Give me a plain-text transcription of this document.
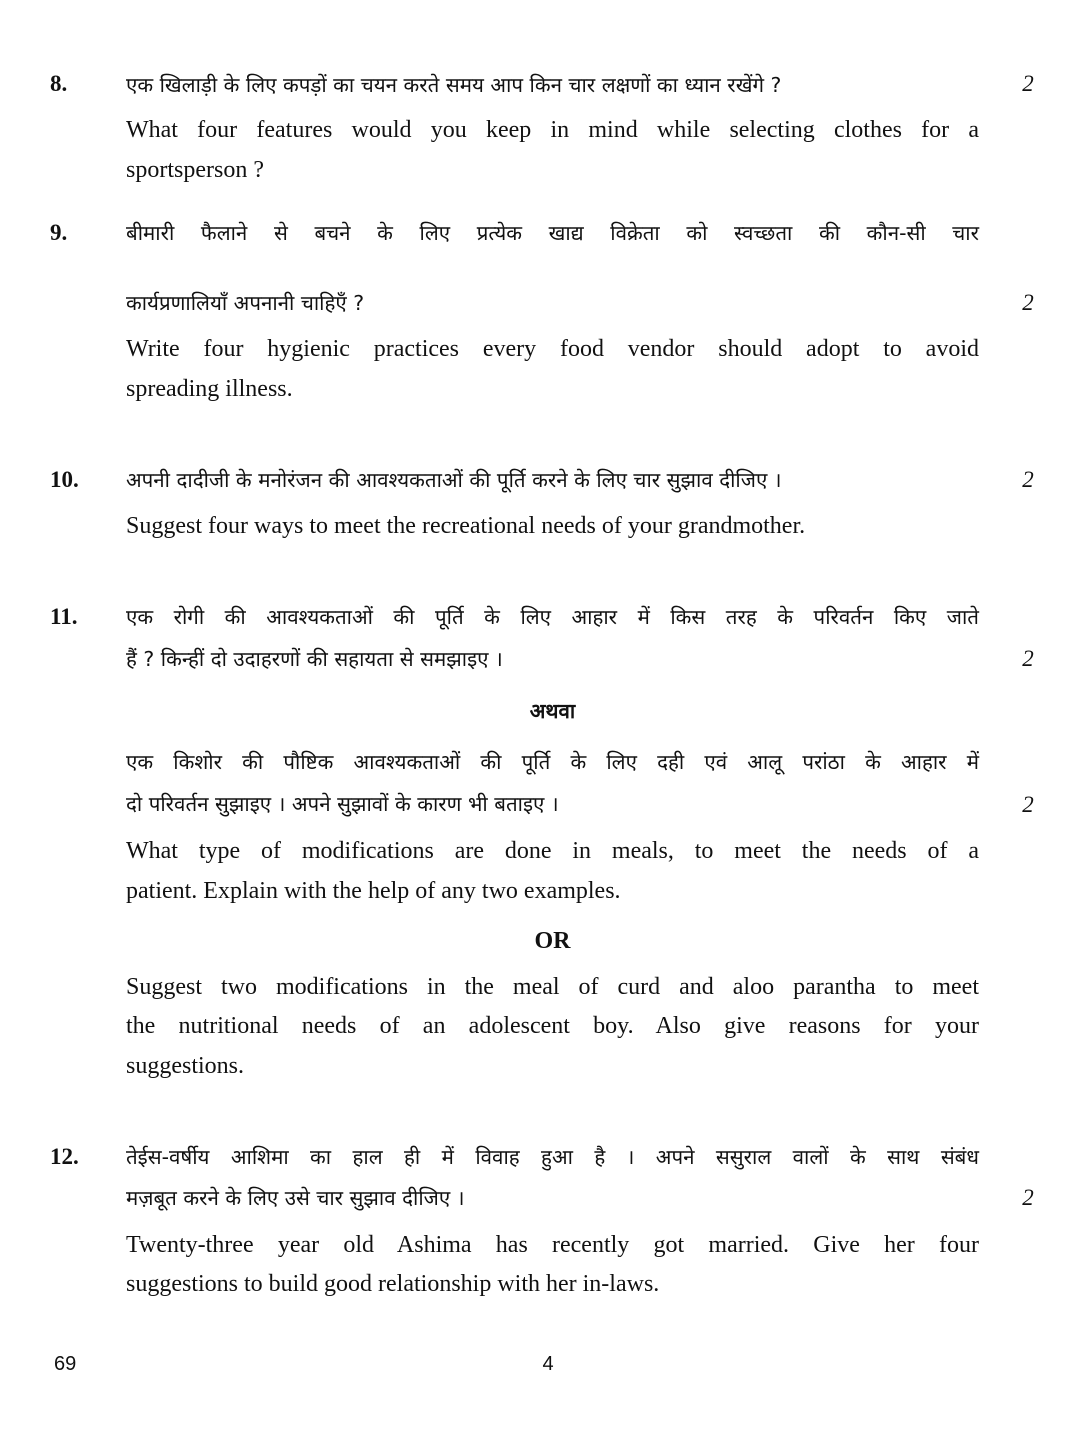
8.	एक खिलाड़ी के लिए कपड़ों का चयन करते समय आप किन चार लक्षणों का ध्यान रखेंगे ?	2
What four features would you keep in mind while selecting clothes for a
sportsperson ?
9.	बीमारी फैलाने से बचने के लिए प्रत्येक खाद्य विक्रेता को स्वच्छता की कौन-सी चार
कार्यप्रणालियाँ अपनानी चाहिएँ ?	2
Write four hygienic practices every food vendor should adopt to avoid
spreading illness.
10.	अपनी दादीजी के मनोरंजन की आवश्यकताओं की पूर्ति करने के लिए चार सुझाव दीजिए ।	2
Suggest four ways to meet the recreational needs of your grandmother.
11.	एक रोगी की आवश्यकताओं की पूर्ति के लिए आहार में किस तरह के परिवर्तन किए जाते
हैं ? किन्हीं दो उदाहरणों की सहायता से समझाइए ।	2
अथवा
एक किशोर की पौष्टिक आवश्यकताओं की पूर्ति के लिए दही एवं आलू परांठा के आहार में
दो परिवर्तन सुझाइए । अपने सुझावों के कारण भी बताइए ।	2
What type of modifications are done in meals, to meet the needs of a
patient. Explain with the help of any two examples.
OR
Suggest two modifications in the meal of curd and aloo parantha to meet
the nutritional needs of an adolescent boy. Also give reasons for your
suggestions.
12.	तेईस-वर्षीय आशिमा का हाल ही में विवाह हुआ है । अपने ससुराल वालों के साथ संबंध
मज़बूत करने के लिए उसे चार सुझाव दीजिए ।	2
Twenty-three year old Ashima has recently got married. Give her four
suggestions to build good relationship with her in-laws.
69	4
